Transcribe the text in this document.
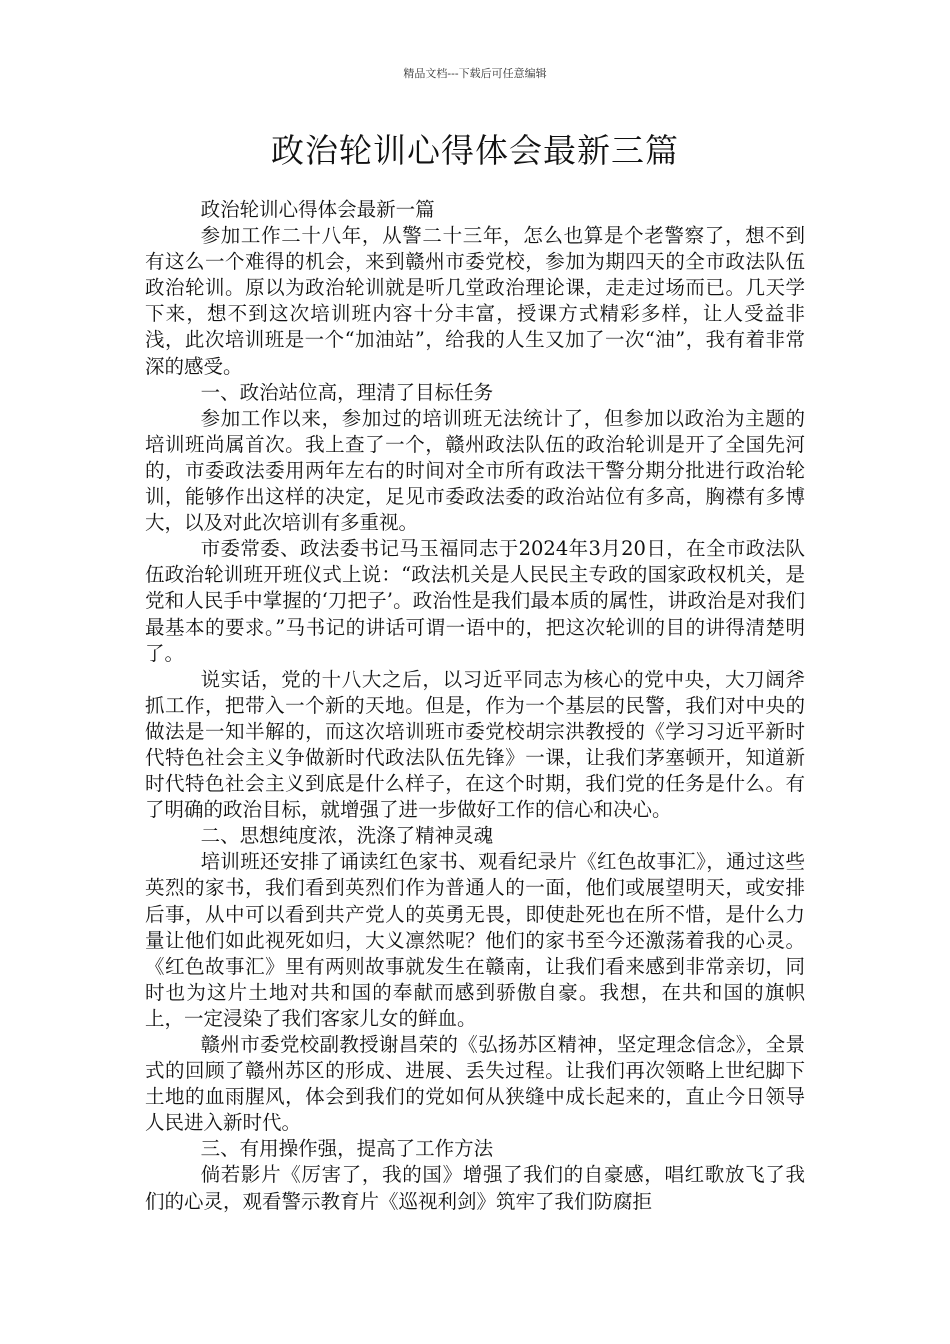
精品文档---下载后可任意编辑
政治轮训心得体会最新三篇

政治轮训心得体会最新一篇

参加工作二十八年，从警二十三年，怎么也算是个老警察了，想不到有这么一个难得的机会，来到赣州市委党校，参加为期四天的全市政法队伍政治轮训。原以为政治轮训就是听几堂政治理论课，走走过场而已。几天学下来，想不到这次培训班内容十分丰富，授课方式精彩多样，让人受益非浅，此次培训班是一个“加油站”，给我的人生又加了一次“油”，我有着非常深的感受。

一、政治站位高，理清了目标任务

参加工作以来，参加过的培训班无法统计了，但参加以政治为主题的培训班尚属首次。我上查了一个，赣州政法队伍的政治轮训是开了全国先河的，市委政法委用两年左右的时间对全市所有政法干警分期分批进行政治轮训，能够作出这样的决定，足见市委政法委的政治站位有多高，胸襟有多博大，以及对此次培训有多重视。

市委常委、政法委书记马玉福同志于2024年3月20日，在全市政法队伍政治轮训班开班仪式上说：“政法机关是人民民主专政的国家政权机关，是党和人民手中掌握的‘刀把子’。政治性是我们最本质的属性，讲政治是对我们最基本的要求。”马书记的讲话可谓一语中的，把这次轮训的目的讲得清楚明了。

说实话，党的十八大之后，以习近平同志为核心的党中央，大刀阔斧抓工作，把带入一个新的天地。但是，作为一个基层的民警，我们对中央的做法是一知半解的，而这次培训班市委党校胡宗洪教授的《学习习近平新时代特色社会主义争做新时代政法队伍先锋》一课，让我们茅塞顿开，知道新时代特色社会主义到底是什么样子，在这个时期，我们党的任务是什么。有了明确的政治目标，就增强了进一步做好工作的信心和决心。

二、思想纯度浓，洗涤了精神灵魂

培训班还安排了诵读红色家书、观看纪录片《红色故事汇》，通过这些英烈的家书，我们看到英烈们作为普通人的一面，他们或展望明天，或安排后事，从中可以看到共产党人的英勇无畏，即使赴死也在所不惜，是什么力量让他们如此视死如归，大义凛然呢？他们的家书至今还激荡着我的心灵。《红色故事汇》里有两则故事就发生在赣南，让我们看来感到非常亲切，同时也为这片土地对共和国的奉献而感到骄傲自豪。我想，在共和国的旗帜上，一定浸染了我们客家儿女的鲜血。

赣州市委党校副教授谢昌荣的《弘扬苏区精神，坚定理念信念》，全景式的回顾了赣州苏区的形成、进展、丢失过程。让我们再次领略上世纪脚下土地的血雨腥风，体会到我们的党如何从狭缝中成长起来的，直止今日领导人民进入新时代。

三、有用操作强，提高了工作方法

倘若影片《厉害了，我的国》增强了我们的自豪感，唱红歌放飞了我们的心灵，观看警示教育片《巡视利剑》筑牢了我们防腐拒
